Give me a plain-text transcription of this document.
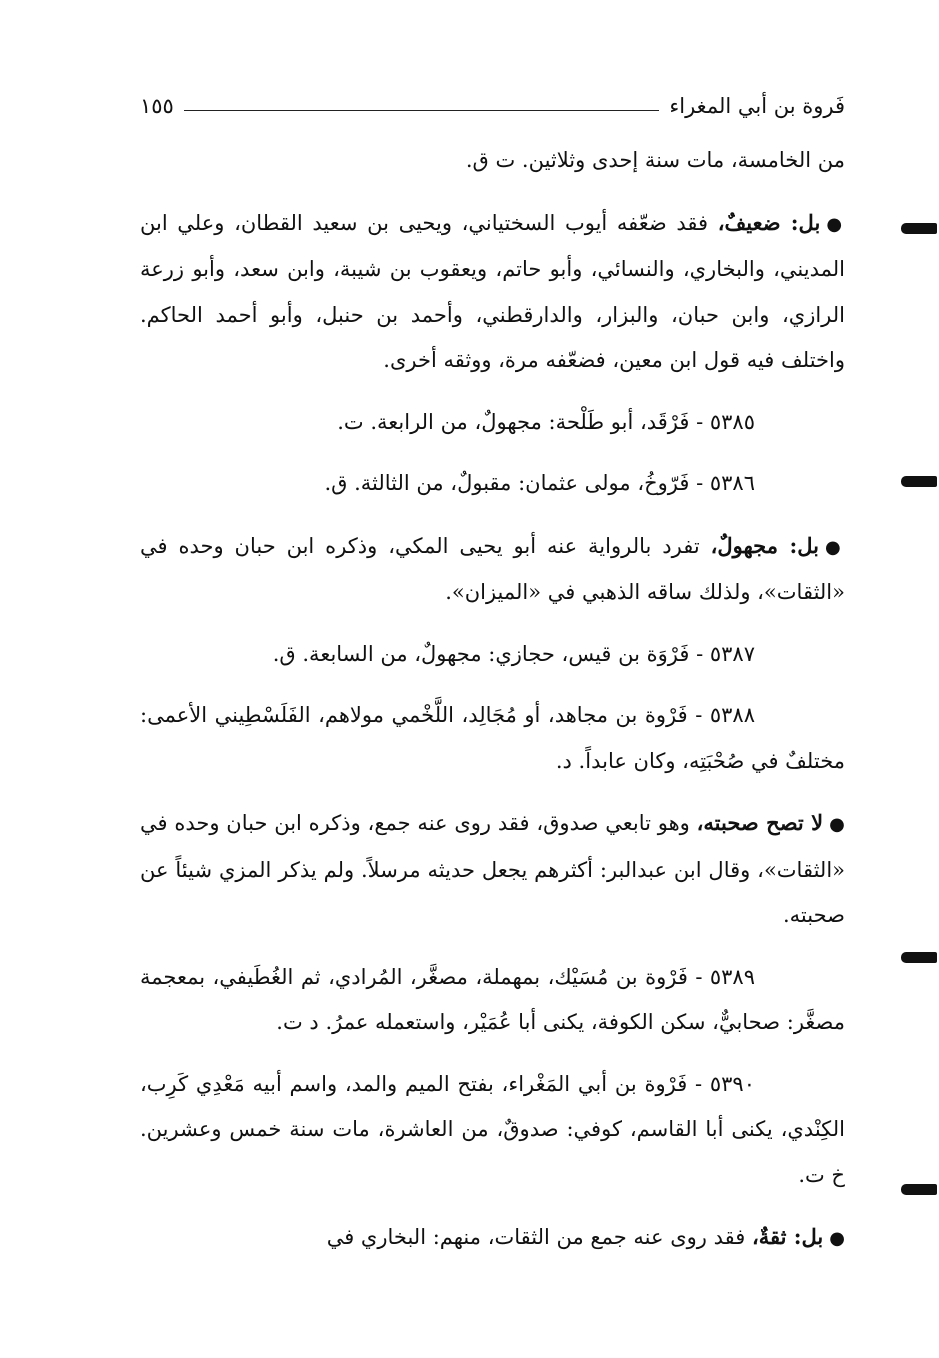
فَروة بن أبي المغراء
١٥٥

من الخامسة، مات سنة إحدى وثلاثين. ت ق.

●بل: ضعيفٌ، فقد ضعّفه أيوب السختياني، ويحيى بن سعيد القطان، وعلي ابن المديني، والبخاري، والنسائي، وأبو حاتم، ويعقوب بن شيبة، وابن سعد، وأبو زرعة الرازي، وابن حبان، والبزار، والدارقطني، وأحمد بن حنبل، وأبو أحمد الحاكم. واختلف فيه قول ابن معين، فضعّفه مرة، ووثقه أخرى.

٥٣٨٥ - فَرْقَد، أبو طَلْحة: مجهولٌ، من الرابعة. ت.

٥٣٨٦ - فَرّوخُ، مولى عثمان: مقبولٌ، من الثالثة. ق.

●بل: مجهولٌ، تفرد بالرواية عنه أبو يحيى المكي، وذكره ابن حبان وحده في «الثقات»، ولذلك ساقه الذهبي في «الميزان».

٥٣٨٧ - فَرْوَة بن قيس، حجازي: مجهولٌ، من السابعة. ق.

٥٣٨٨ - فَرْوة بن مجاهد، أو مُجَالِد، اللَّخْمي مولاهم، الفَلَسْطِيني الأعمى: مختلفٌ في صُحْبَتِه، وكان عابداً. د.

●لا تصح صحبته، وهو تابعي صدوق، فقد روى عنه جمع، وذكره ابن حبان وحده في «الثقات»، وقال ابن عبدالبر: أكثرهم يجعل حديثه مرسلاً. ولم يذكر المزي شيئاً عن صحبته.

٥٣٨٩ - فَرْوة بن مُسَيْك، بمهملة، مصغَّر، المُرادي، ثم الغُطَيفي، بمعجمة مصغَّر: صحابيٌّ، سكن الكوفة، يكنى أبا عُمَيْر، واستعمله عمرُ. د ت.

٥٣٩٠ - فَرْوة بن أبي المَغْراء، بفتح الميم والمد، واسم أبيه مَعْدِي كَرِب، الكِنْدي، يكنى أبا القاسم، كوفي: صدوقٌ، من العاشرة، مات سنة خمس وعشرين. خ ت.

●بل: ثقةٌ، فقد روى عنه جمع من الثقات، منهم: البخاري في
